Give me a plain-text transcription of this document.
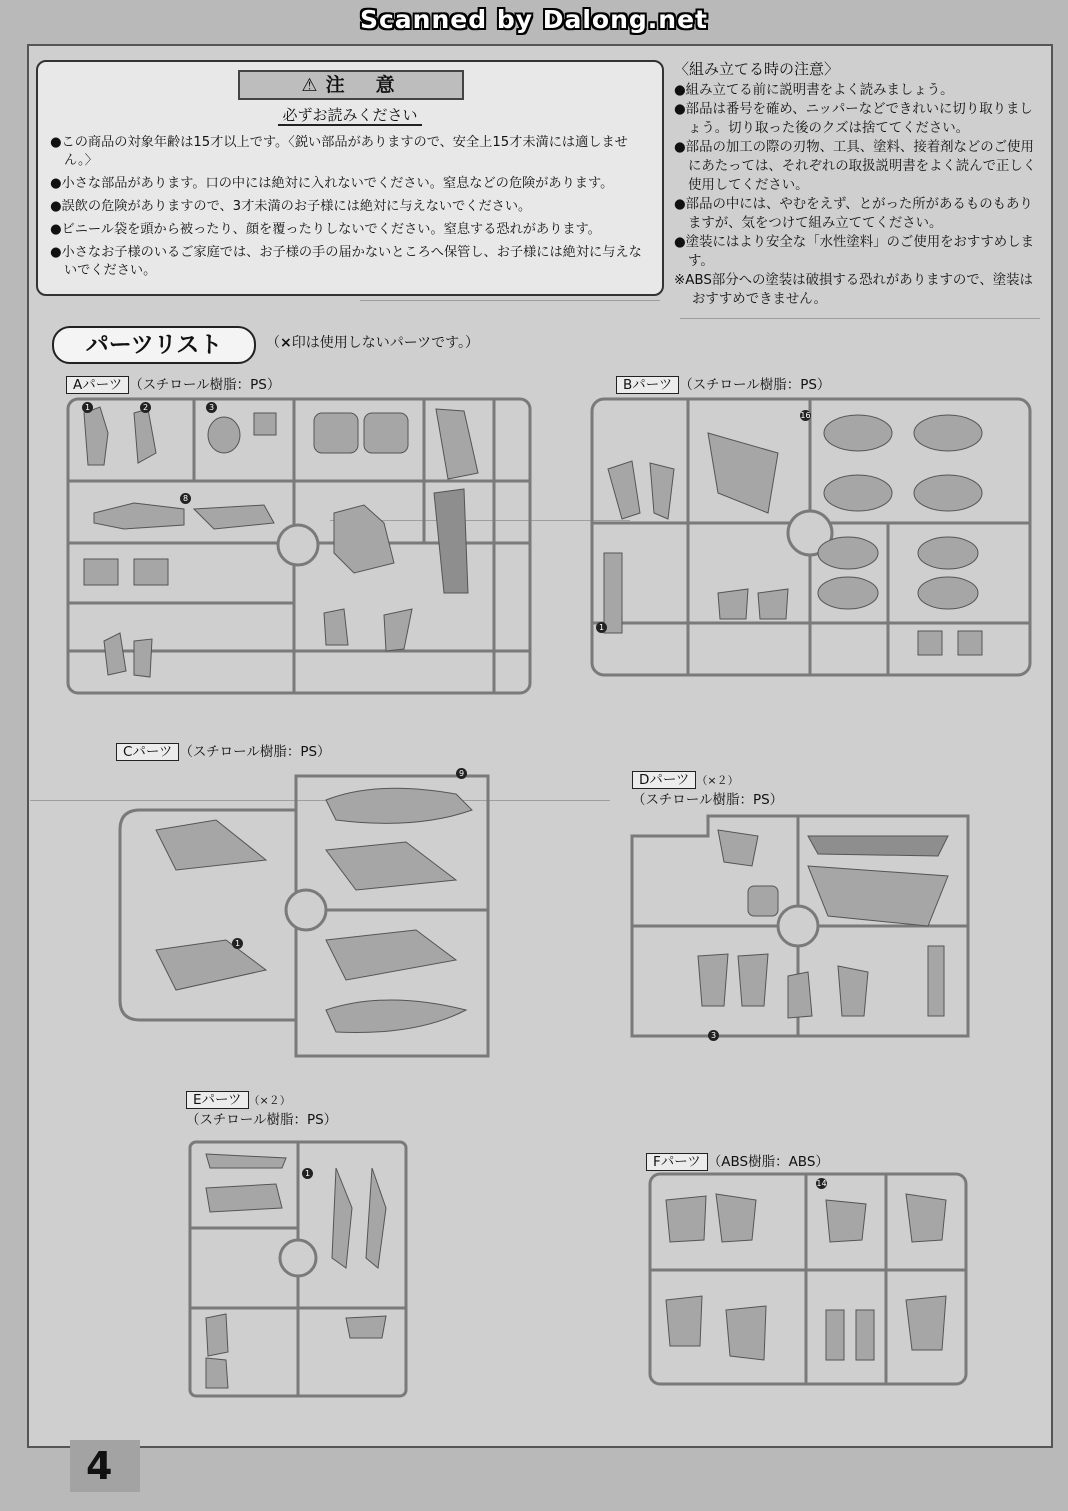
Scanned by Dalong.net
⚠ 注　意
必ずお読みください
●この商品の対象年齢は15才以上です。〈鋭い部品がありますので、安全上15才未満には適しません。〉
●小さな部品があります。口の中には絶対に入れないでください。窒息などの危険があります。
●誤飲の危険がありますので、3才未満のお子様には絶対に与えないでください。
●ビニール袋を頭から被ったり、顔を覆ったりしないでください。窒息する恐れがあります。
●小さなお子様のいるご家庭では、お子様の手の届かないところへ保管し、お子様には絶対に与えないでください。
〈組み立てる時の注意〉
●組み立てる前に説明書をよく読みましょう。
●部品は番号を確め、ニッパーなどできれいに切り取りましょう。切り取った後のクズは捨ててください。
●部品の加工の際の刃物、工具、塗料、接着剤などのご使用にあたっては、それぞれの取扱説明書をよく読んで正しく使用してください。
●部品の中には、やむをえず、とがった所があるものもありますが、気をつけて組み立ててください。
●塗装にはより安全な「水性塗料」のご使用をおすすめします。
※ABS部分への塗装は破損する恐れがありますので、塗装はおすすめできません。
パーツリスト	（×印は使用しないパーツです。）
Aパーツ （スチロール樹脂：PS）	Bパーツ （スチロール樹脂：PS）
Cパーツ （スチロール樹脂：PS）
Dパーツ （×２）
（スチロール樹脂：PS）
Eパーツ （×２）
（スチロール樹脂：PS）
Fパーツ （ABS樹脂：ABS）
1	2	3
8
1
16
9
1
3
1
14
4
